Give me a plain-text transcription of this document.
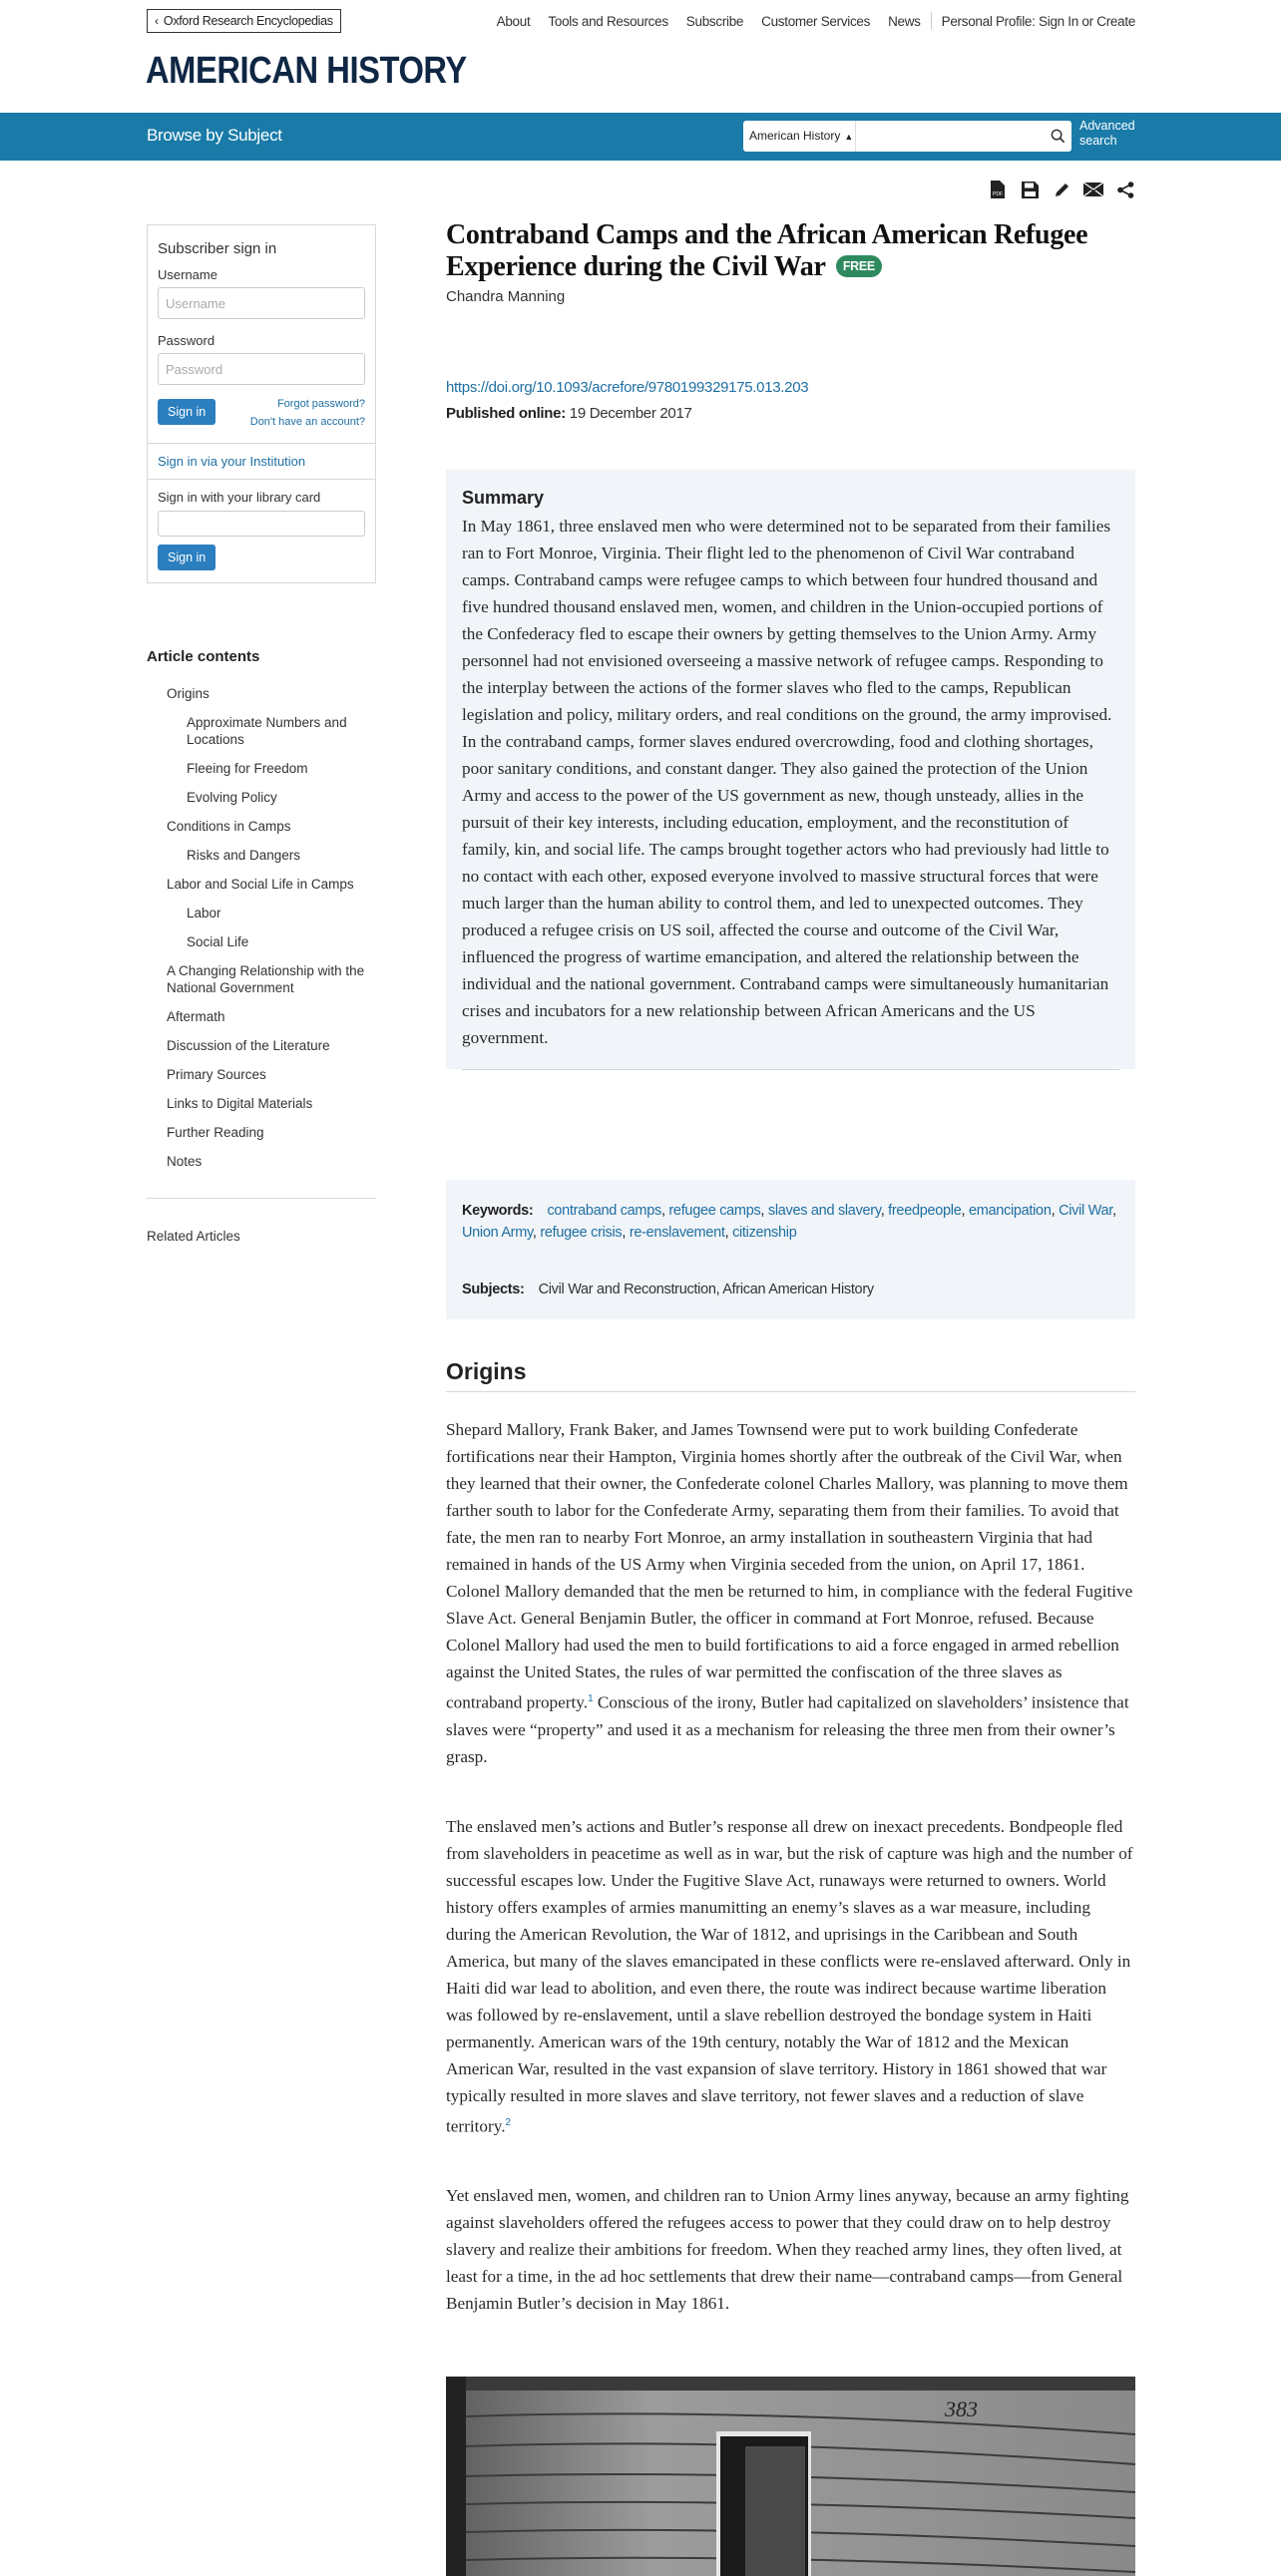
‹ Oxford Research Encyclopedias	About Tools and Resources Subscribe Customer Services News Personal Profile: Sign In or Create
AMERICAN HISTORY
Browse by Subject	American History ▲︎
Advanced
search
PDF
Subscriber sign in
Username
Username
Password
Sign in
Forgot password?
Don't have an account?
Sign in via your Institution
Sign in with your library card
Sign in
Article contents
Origins
Approximate Numbers and Locations
Fleeing for Freedom
Evolving Policy
Conditions in Camps
Risks and Dangers
Labor and Social Life in Camps
Labor
Social Life
A Changing Relationship with the National Government
Aftermath
Discussion of the Literature
Primary Sources
Links to Digital Materials
Further Reading
Notes
Related Articles
Contraband Camps and the African American Refugee Experience during the Civil War FREE
Chandra Manning
https://doi.org/10.1093/acrefore/9780199329175.013.203
Published online: 19 December 2017
Summary

In May 1861, three enslaved men who were determined not to be separated from their families ran to Fort Monroe, Virginia. Their flight led to the phenomenon of Civil War contraband camps. Contraband camps were refugee camps to which between four hundred thousand and five hundred thousand enslaved men, women, and children in the Union-occupied portions of the Confederacy fled to escape their owners by getting themselves to the Union Army. Army personnel had not envisioned overseeing a massive network of refugee camps. Responding to the interplay between the actions of the former slaves who fled to the camps, Republican legislation and policy, military orders, and real conditions on the ground, the army improvised. In the contraband camps, former slaves endured overcrowding, food and clothing shortages, poor sanitary conditions, and constant danger. They also gained the protection of the Union Army and access to the power of the US government as new, though unsteady, allies in the pursuit of their key interests, including education, employment, and the reconstitution of family, kin, and social life. The camps brought together actors who had previously had little to no contact with each other, exposed everyone involved to massive structural forces that were much larger than the human ability to control them, and led to unexpected outcomes. They produced a refugee crisis on US soil, affected the course and outcome of the Civil War, influenced the progress of wartime emancipation, and altered the relationship between the individual and the national government. Contraband camps were simultaneously humanitarian crises and incubators for a new relationship between African Americans and the US government.

Keywords: contraband camps, refugee camps, slaves and slavery, freedpeople, emancipation, Civil War, Union Army, refugee crisis, re-enslavement, citizenship
Subjects: Civil War and Reconstruction, African American History
Origins

Shepard Mallory, Frank Baker, and James Townsend were put to work building Confederate fortifications near their Hampton, Virginia homes shortly after the outbreak of the Civil War, when they learned that their owner, the Confederate colonel Charles Mallory, was planning to move them farther south to labor for the Confederate Army, separating them from their families. To avoid that fate, the men ran to nearby Fort Monroe, an army installation in southeastern Virginia that had remained in hands of the US Army when Virginia seceded from the union, on April 17, 1861. Colonel Mallory demanded that the men be returned to him, in compliance with the federal Fugitive Slave Act. General Benjamin Butler, the officer in command at Fort Monroe, refused. Because Colonel Mallory had used the men to build fortifications to aid a force engaged in armed rebellion against the United States, the rules of war permitted the confiscation of the three slaves as contraband property.$^1$ Conscious of the irony, Butler had capitalized on slaveholders’ insistence that slaves were “property” and used it as a mechanism for releasing the three men from their owner’s grasp.

The enslaved men’s actions and Butler’s response all drew on inexact precedents. Bondpeople fled from slaveholders in peacetime as well as in war, but the risk of capture was high and the number of successful escapes low. Under the Fugitive Slave Act, runaways were returned to owners. World history offers examples of armies manumitting an enemy’s slaves as a war measure, including during the American Revolution, the War of 1812, and uprisings in the Caribbean and South America, but many of the slaves emancipated in these conflicts were re-enslaved afterward. Only in Haiti did war lead to abolition, and even there, the route was indirect because wartime liberation was followed by re-enslavement, until a slave rebellion destroyed the bondage system in Haiti permanently. American wars of the 19th century, notably the War of 1812 and the Mexican American War, resulted in the vast expansion of slave territory. History in 1861 showed that war typically resulted in more slaves and slave territory, not fewer slaves and a reduction of slave territory.$^2$

Yet enslaved men, women, and children ran to Union Army lines anyway, because an army fighting against slaveholders offered the refugees access to power that they could draw on to help destroy slavery and realize their ambitions for freedom. When they reached army lines, they often lived, at least for a time, in the ad hoc settlements that drew their name—contraband camps—from General Benjamin Butler’s decision in May 1861.

383
